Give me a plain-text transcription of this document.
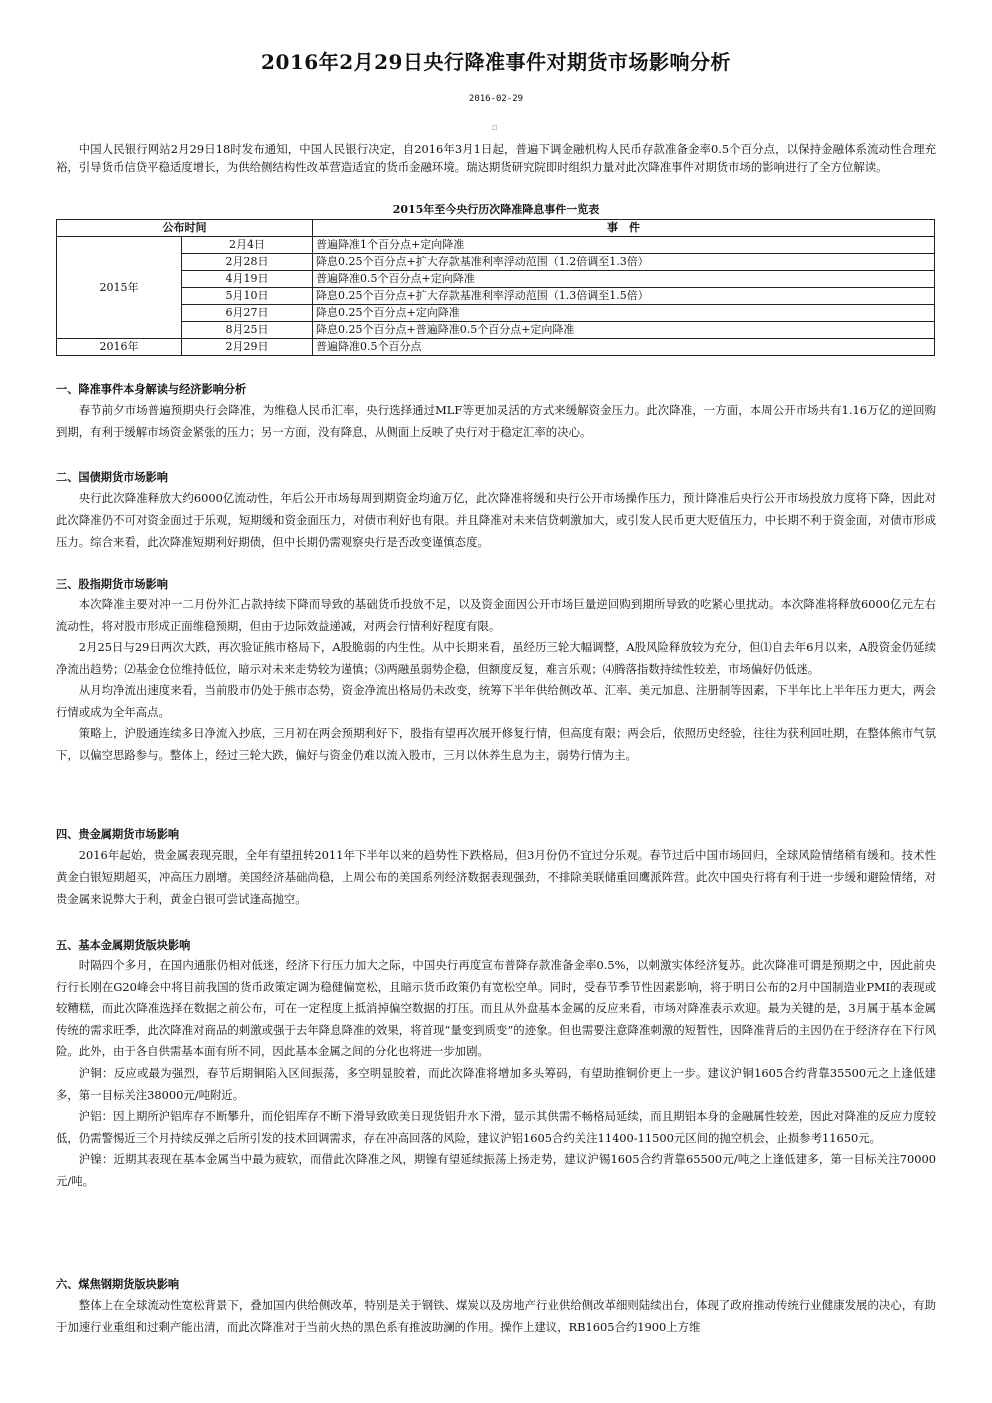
2016年2月29日央行降准事件对期货市场影响分析
2016-02-29
□

中国人民银行网站2月29日18时发布通知，中国人民银行决定，自2016年3月1日起，普遍下调金融机构人民币存款准备金率0.5个百分点，以保持金融体系流动性合理充裕，引导货币信贷平稳适度增长，为供给侧结构性改革营造适宜的货币金融环境。瑞达期货研究院即时组织力量对此次降准事件对期货市场的影响进行了全方位解读。

2015年至今央行历次降准降息事件一览表
公布时间		事　件
2015年	2月4日	普遍降准1个百分点+定向降准
	2月28日	降息0.25个百分点+扩大存款基准利率浮动范围（1.2倍调至1.3倍）
	4月19日	普遍降准0.5个百分点+定向降准
	5月10日	降息0.25个百分点+扩大存款基准利率浮动范围（1.3倍调至1.5倍）
	6月27日	降息0.25个百分点+定向降准
	8月25日	降息0.25个百分点+普遍降准0.5个百分点+定向降准
2016年	2月29日	普遍降准0.5个百分点

一、降准事件本身解读与经济影响分析

春节前夕市场普遍预期央行会降准，为维稳人民币汇率，央行选择通过MLF等更加灵活的方式来缓解资金压力。此次降准，一方面，本周公开市场共有1.16万亿的逆回购到期，有利于缓解市场资金紧张的压力；另一方面，没有降息，从侧面上反映了央行对于稳定汇率的决心。

二、国债期货市场影响

央行此次降准释放大约6000亿流动性，年后公开市场每周到期资金均逾万亿，此次降准将缓和央行公开市场操作压力，预计降准后央行公开市场投放力度将下降，因此对此次降准仍不可对资金面过于乐观，短期缓和资金面压力，对债市利好也有限。并且降准对未来信贷刺激加大，或引发人民币更大贬值压力，中长期不利于资金面，对债市形成压力。综合来看，此次降准短期利好期债，但中长期仍需观察央行是否改变谨慎态度。

三、股指期货市场影响

本次降准主要对冲一二月份外汇占款持续下降而导致的基础货币投放不足，以及资金面因公开市场巨量逆回购到期所导致的吃紧心里扰动。本次降准将释放6000亿元左右流动性，将对股市形成正面维稳预期，但由于边际效益递减，对两会行情利好程度有限。

2月25日与29日两次大跌，再次验证熊市格局下，A股脆弱的内生性。从中长期来看，虽经历三轮大幅调整，A股风险释放较为充分，但⑴自去年6月以来，A股资金仍延续净流出趋势；⑵基金仓位维持低位，暗示对未来走势较为谨慎；⑶两融虽弱势企稳，但额度反复，难言乐观；⑷腾落指数持续性较差，市场偏好仍低迷。

从月均净流出速度来看，当前股市仍处于熊市态势，资金净流出格局仍未改变，统筹下半年供给侧改革、汇率、美元加息、注册制等因素，下半年比上半年压力更大，两会行情或成为全年高点。

策略上，沪股通连续多日净流入抄底，三月初在两会预期利好下，股指有望再次展开修复行情，但高度有限；两会后，依照历史经验，往往为获利回吐期，在整体熊市气氛下，以偏空思路参与。整体上，经过三轮大跌，偏好与资金仍难以流入股市，三月以休养生息为主，弱势行情为主。

四、贵金属期货市场影响

2016年起始，贵金属表现亮眼，全年有望扭转2011年下半年以来的趋势性下跌格局，但3月份仍不宜过分乐观。春节过后中国市场回归，全球风险情绪稍有缓和。技术性黄金白银短期超买，冲高压力剧增。美国经济基础尚稳，上周公布的美国系列经济数据表现强劲，不排除美联储重回鹰派阵营。此次中国央行将有利于进一步缓和避险情绪，对贵金属来说弊大于利，黄金白银可尝试逢高抛空。

五、基本金属期货版块影响

时隔四个多月，在国内通胀仍相对低迷，经济下行压力加大之际，中国央行再度宣布普降存款准备金率0.5%，以刺激实体经济复苏。此次降准可谓是预期之中，因此前央行行长刚在G20峰会中将目前我国的货币政策定调为稳健偏宽松，且暗示货币政策仍有宽松空单。同时，受春节季节性因素影响，将于明日公布的2月中国制造业PMI的表现或较糟糕，而此次降准选择在数据之前公布，可在一定程度上抵消掉偏空数据的打压。而且从外盘基本金属的反应来看，市场对降准表示欢迎。最为关键的是，3月属于基本金属传统的需求旺季，此次降准对商品的刺激或强于去年降息降准的效果，将首现“量变到质变”的迹象。但也需要注意降准刺激的短暂性，因降准背后的主因仍在于经济存在下行风险。此外，由于各自供需基本面有所不同，因此基本金属之间的分化也将进一步加剧。

沪铜：反应或最为强烈，春节后期铜陷入区间振荡，多空明显胶着，而此次降准将增加多头筹码，有望助推铜价更上一步。建议沪铜1605合约背靠35500元之上逢低建多，第一目标关注38000元/吨附近。

沪铝：因上期所沪铝库存不断攀升，而伦铝库存不断下滑导致欧美日现货铝升水下滑，显示其供需不畅格局延续，而且期铝本身的金融属性较差，因此对降准的反应力度较低，仍需警惕近三个月持续反弹之后所引发的技术回调需求，存在冲高回落的风险，建议沪铝1605合约关注11400-11500元区间的抛空机会，止损参考11650元。

沪镍：近期其表现在基本金属当中最为疲软，而借此次降准之风，期镍有望延续振荡上扬走势，建议沪锡1605合约背靠65500元/吨之上逢低建多，第一目标关注70000元/吨。

六、煤焦钢期货版块影响

整体上在全球流动性宽松背景下，叠加国内供给侧改革，特别是关于钢铁、煤炭以及房地产行业供给侧改革细则陆续出台，体现了政府推动传统行业健康发展的决心，有助于加速行业重组和过剩产能出清，而此次降准对于当前火热的黑色系有推波助澜的作用。操作上建议，RB1605合约1900上方维
